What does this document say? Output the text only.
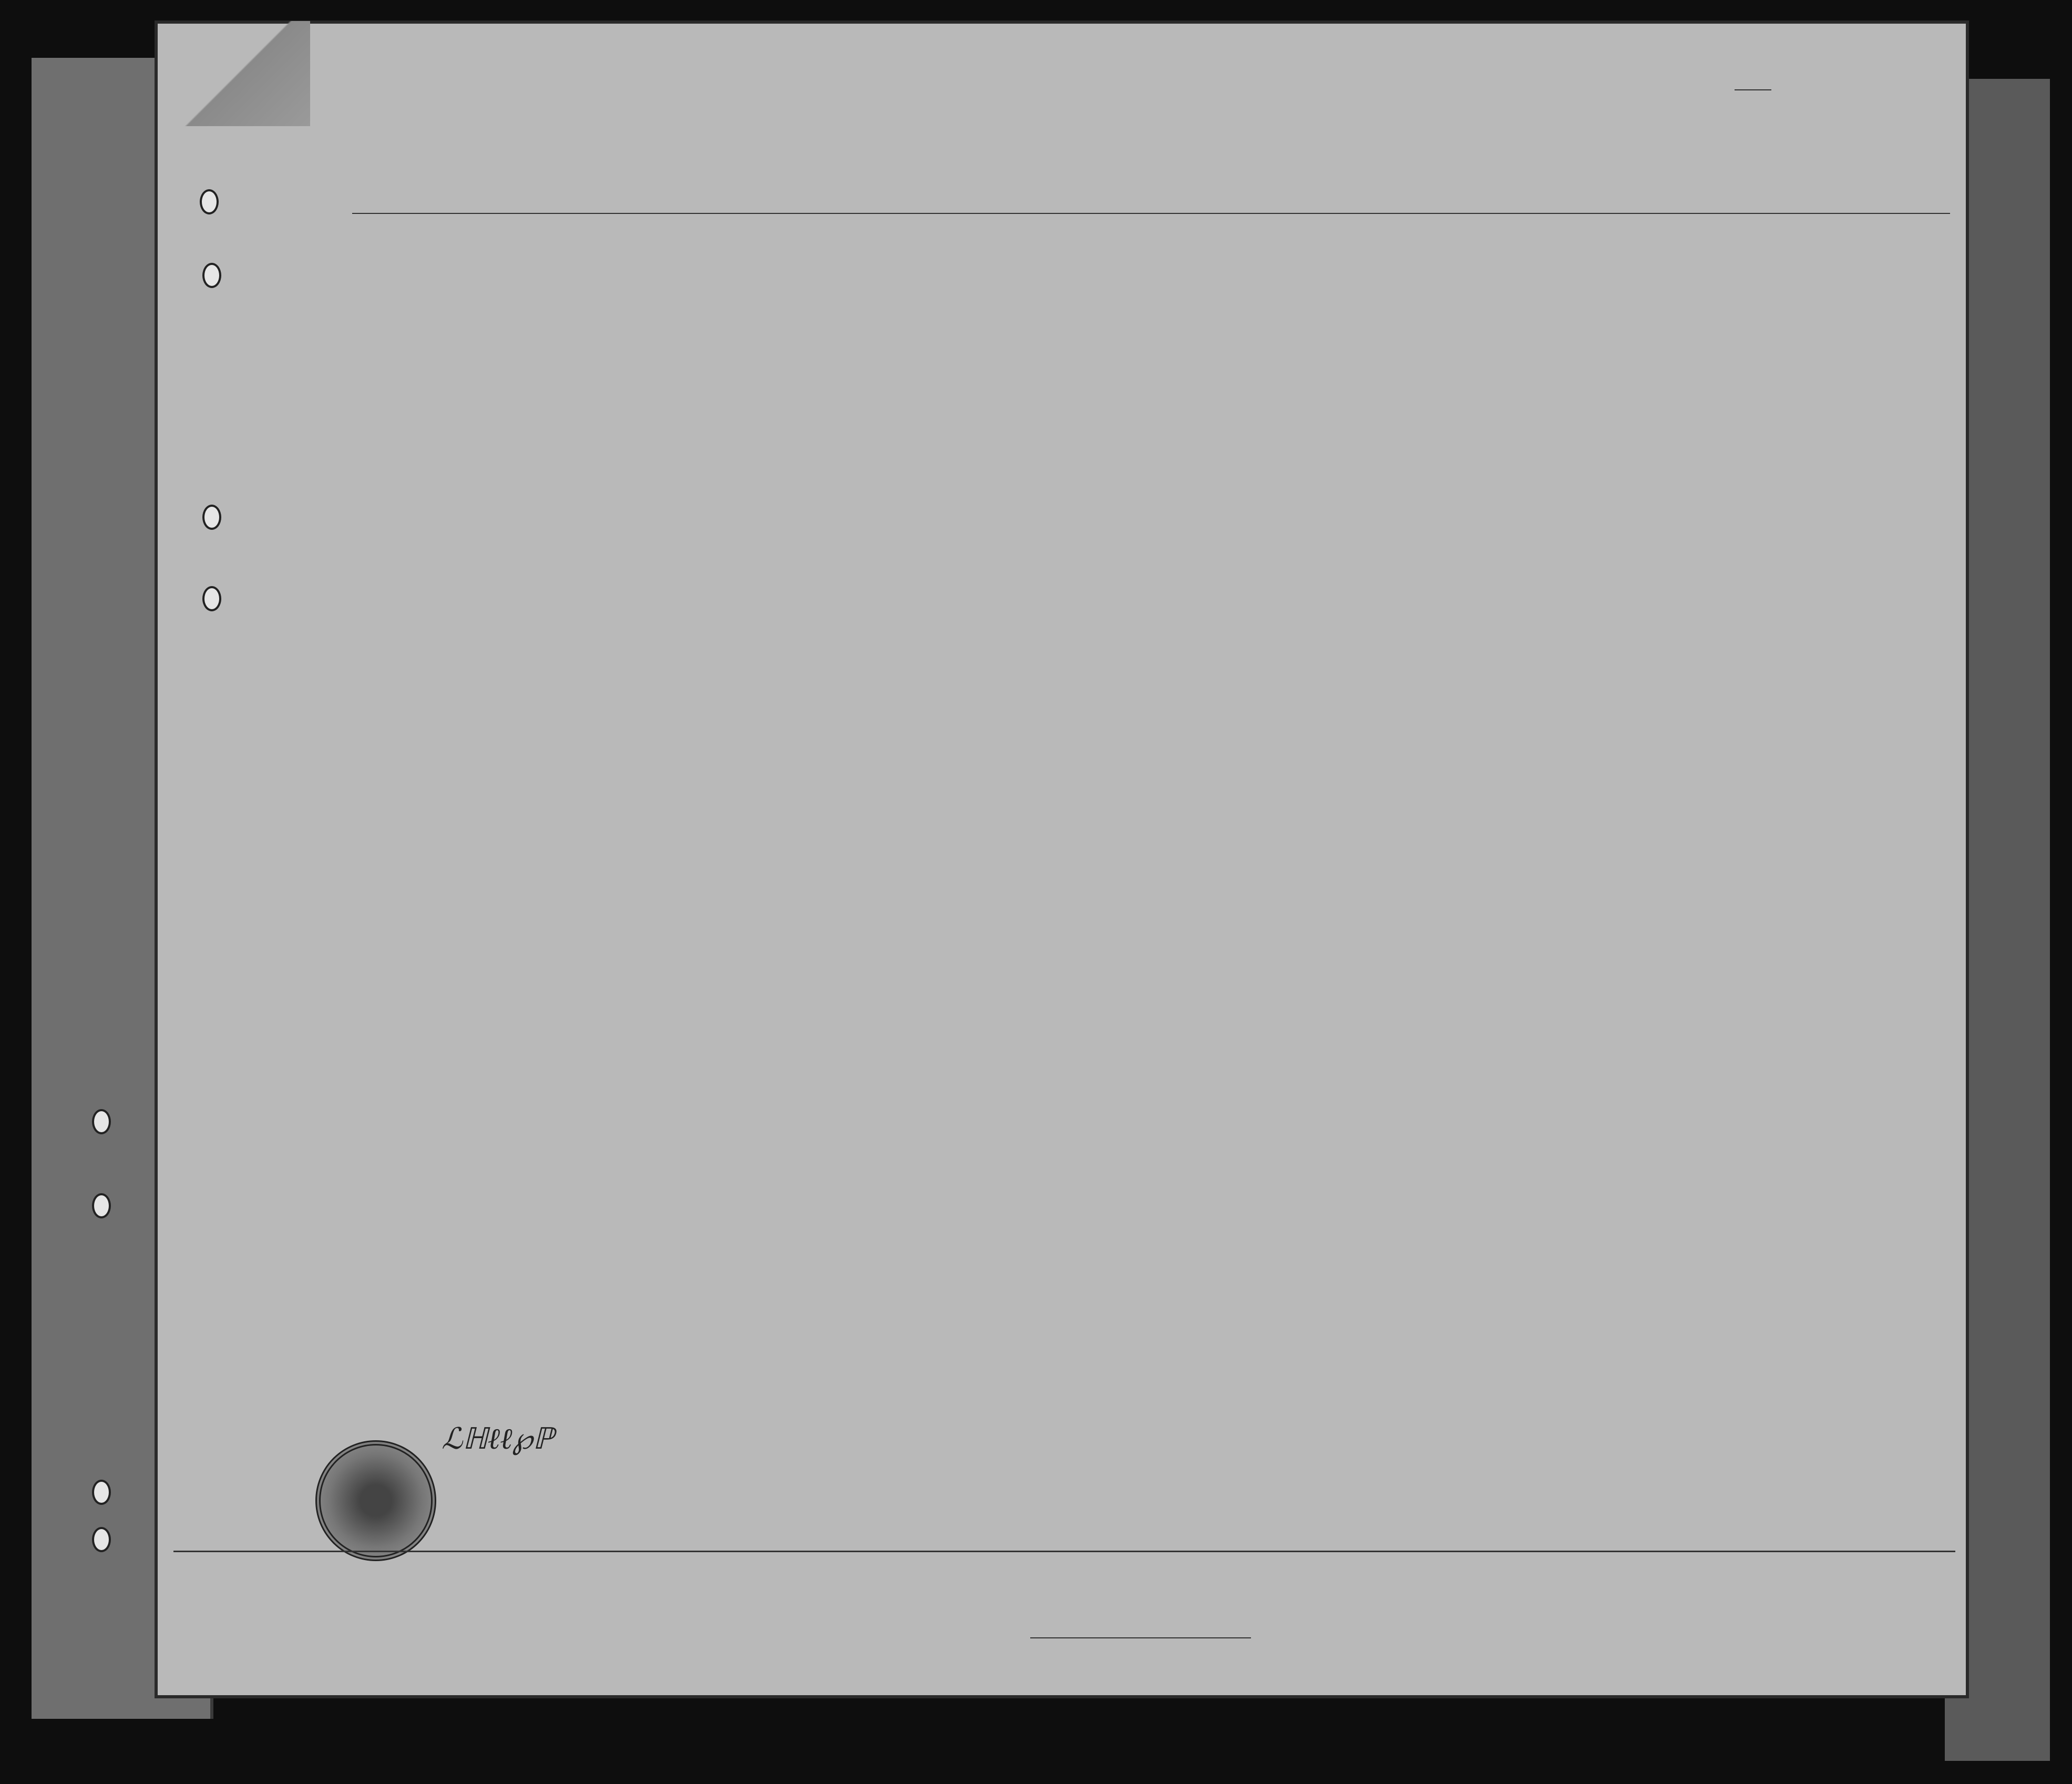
ℒℍℓℓ℘ℙ
